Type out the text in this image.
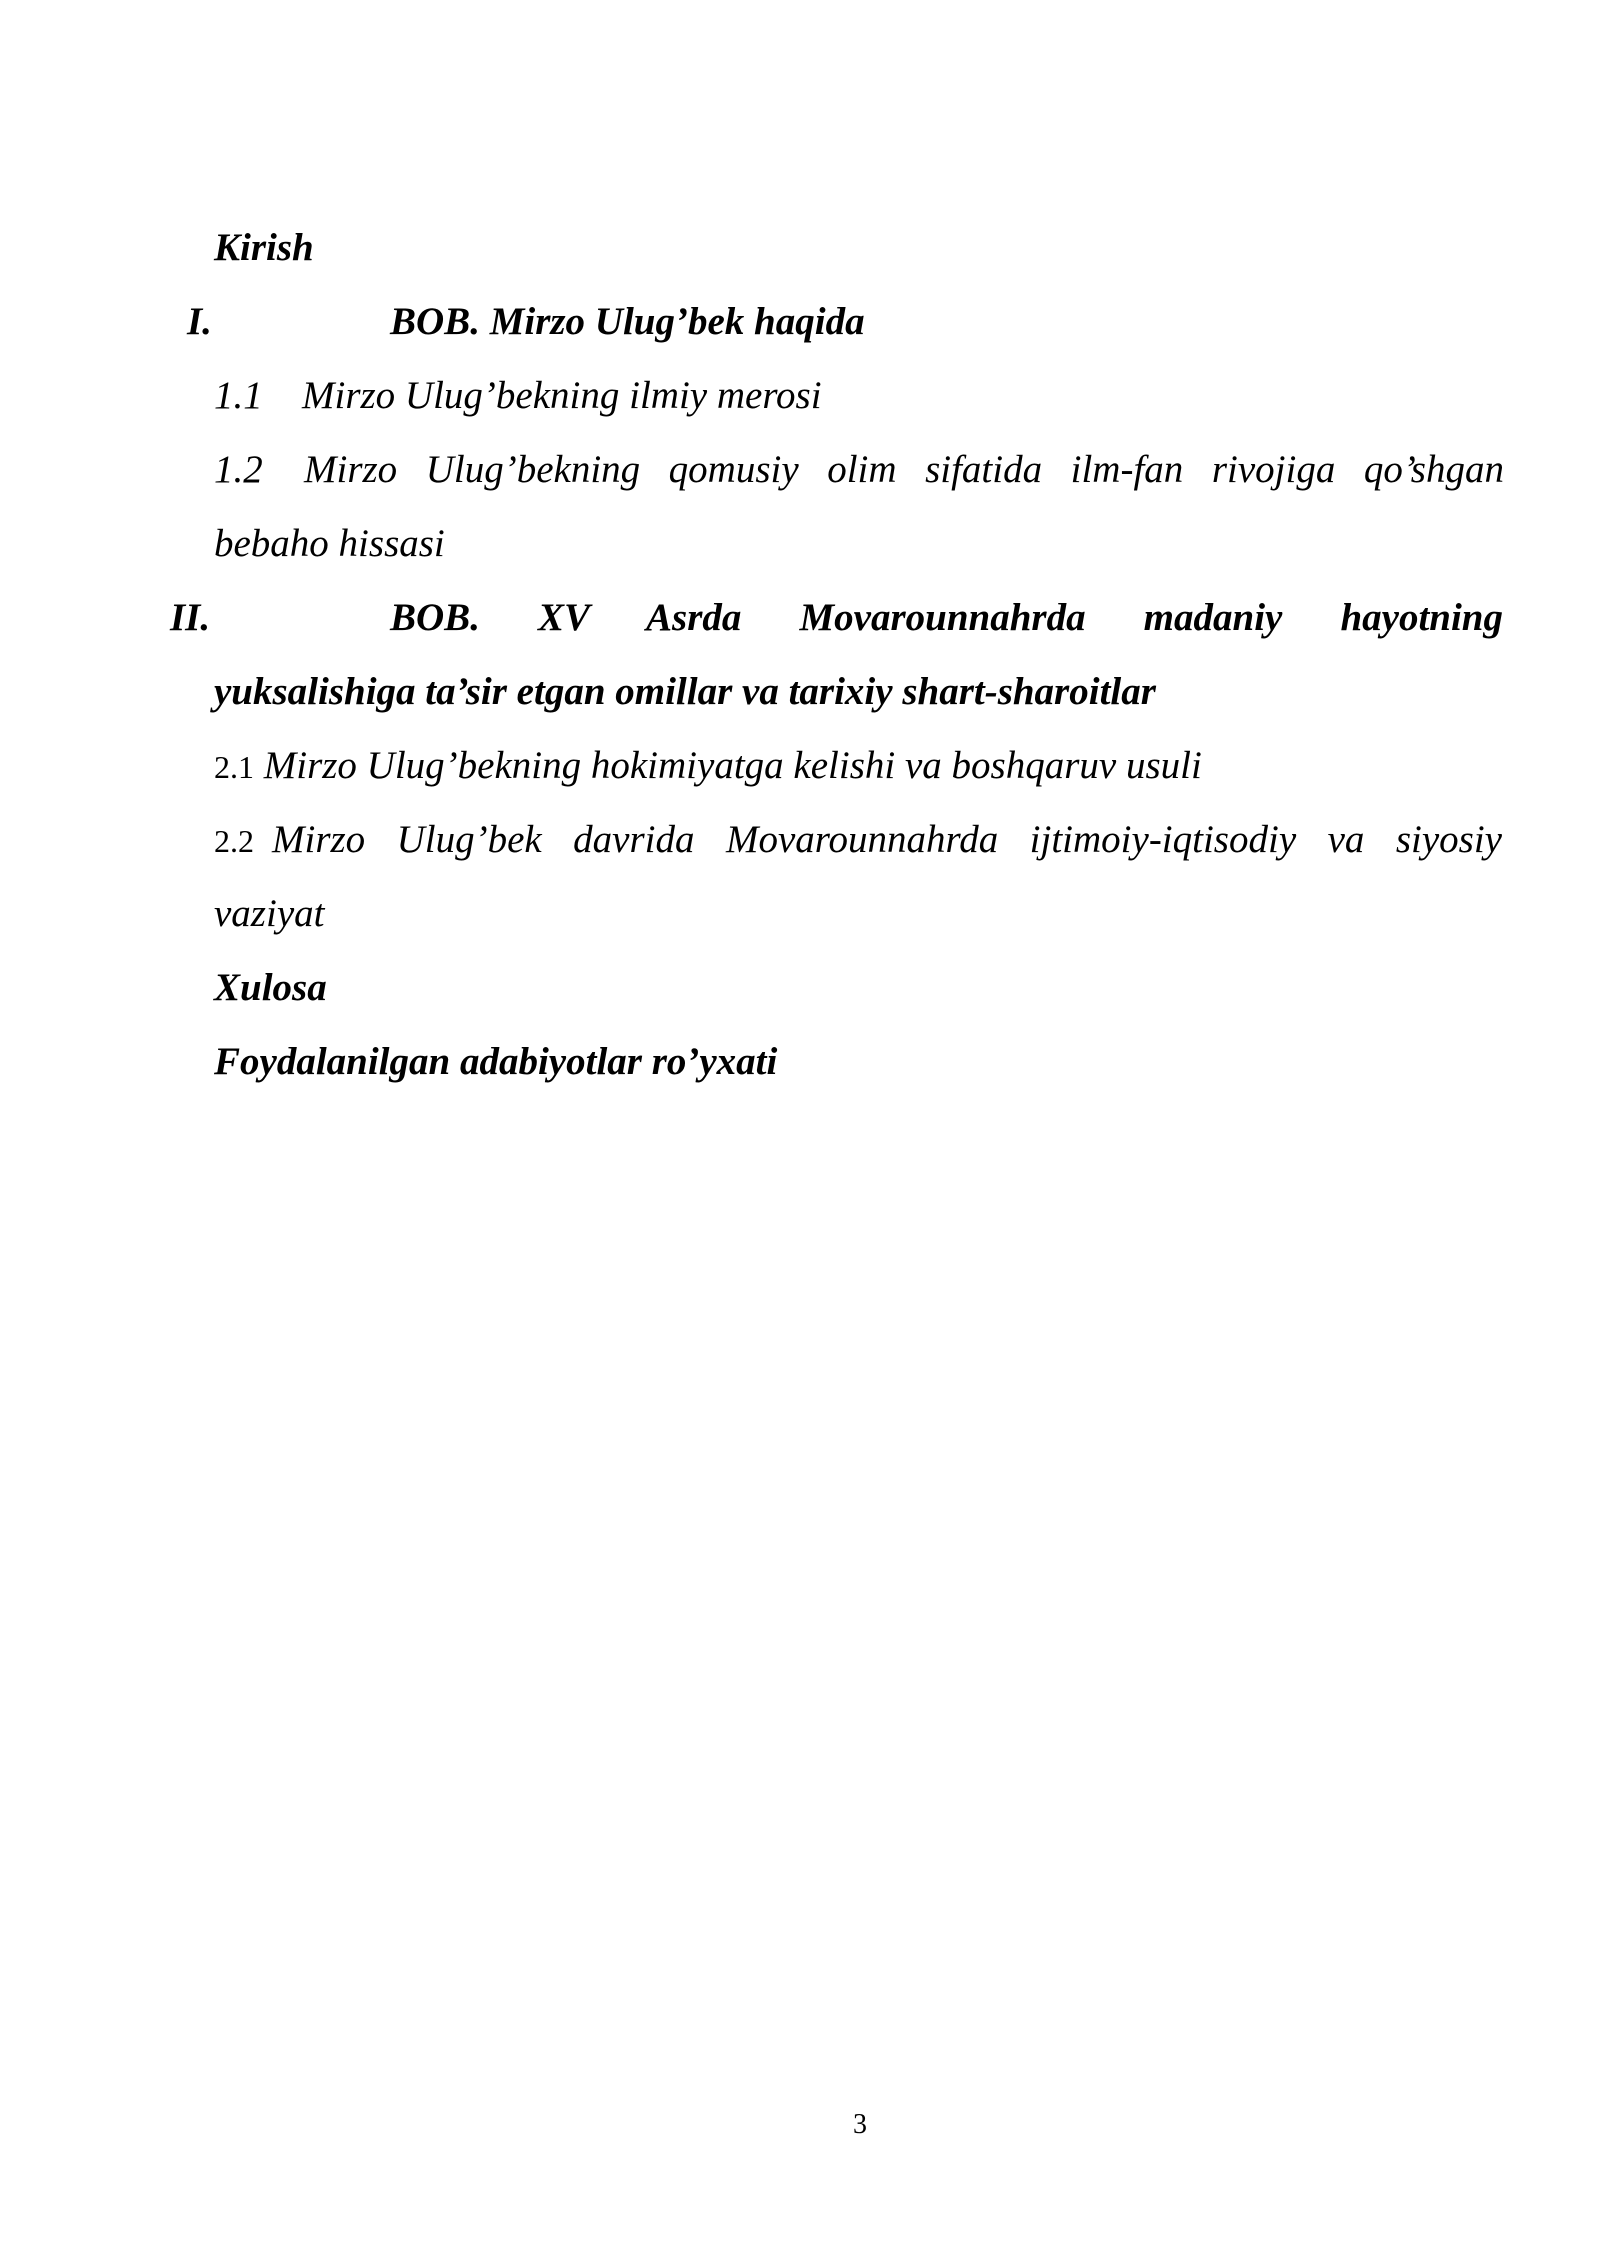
Kirish
I.	BOB. Mirzo Ulug’bek haqida
1.1 Mirzo Ulug’bekning ilmiy merosi
1.2 Mirzo Ulug’bekning qomusiy olim sifatida ilm-fan rivojiga qo’shgan
bebaho hissasi
II.	BOB. XV Asrda Movarounnahrda madaniy hayotning
yuksalishiga ta’sir etgan omillar va tarixiy shart-sharoitlar
2.1 Mirzo Ulug’bekning hokimiyatga kelishi va boshqaruv usuli
2.2 Mirzo Ulug’bek davrida Movarounnahrda ijtimoiy-iqtisodiy va siyosiy
vaziyat
Xulosa
Foydalanilgan adabiyotlar ro’yxati
3
